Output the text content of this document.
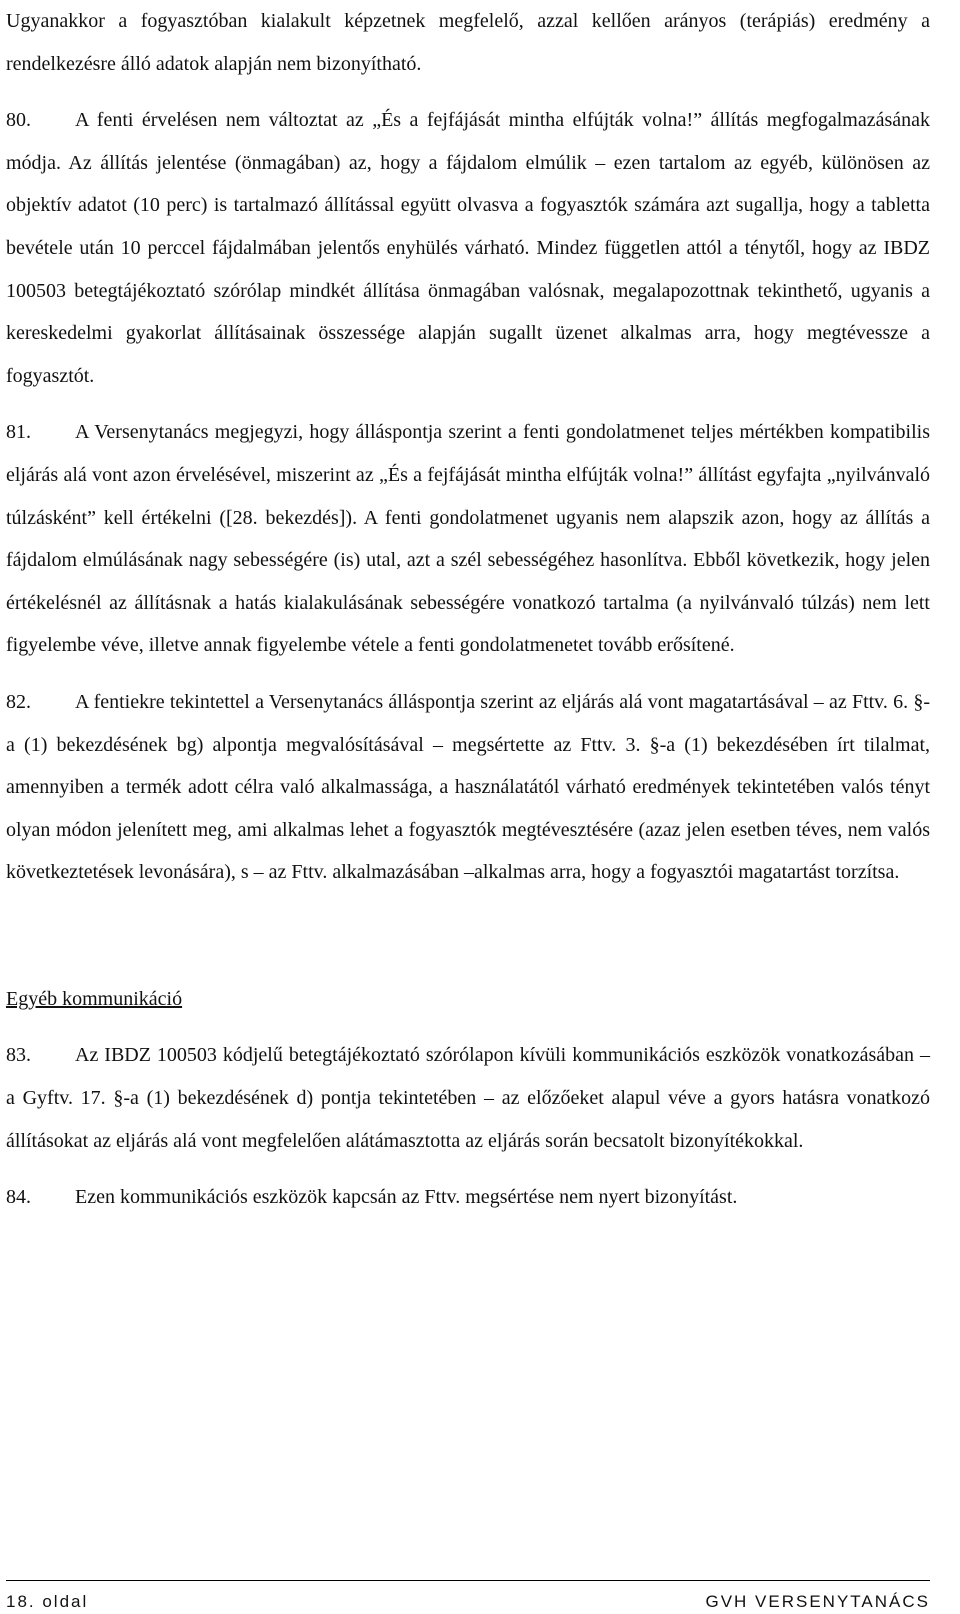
Ugyanakkor a fogyasztóban kialakult képzetnek megfelelő, azzal kellően arányos (terápiás) eredmény a rendelkezésre álló adatok alapján nem bizonyítható.

80. A fenti érvelésen nem változtat az „És a fejfájását mintha elfújták volna!” állítás megfogalmazásának módja. Az állítás jelentése (önmagában) az, hogy a fájdalom elmúlik – ezen tartalom az egyéb, különösen az objektív adatot (10 perc) is tartalmazó állítással együtt olvasva a fogyasztók számára azt sugallja, hogy a tabletta bevétele után 10 perccel fájdalmában jelentős enyhülés várható. Mindez független attól a ténytől, hogy az IBDZ 100503 betegtájékoztató szórólap mindkét állítása önmagában valósnak, megalapozottnak tekinthető, ugyanis a kereskedelmi gyakorlat állításainak összessége alapján sugallt üzenet alkalmas arra, hogy megtévessze a fogyasztót.

81. A Versenytanács megjegyzi, hogy álláspontja szerint a fenti gondolatmenet teljes mértékben kompatibilis eljárás alá vont azon érvelésével, miszerint az „És a fejfájását mintha elfújták volna!” állítást egyfajta „nyilvánvaló túlzásként” kell értékelni ([28. bekezdés]). A fenti gondolatmenet ugyanis nem alapszik azon, hogy az állítás a fájdalom elmúlásának nagy sebességére (is) utal, azt a szél sebességéhez hasonlítva. Ebből következik, hogy jelen értékelésnél az állításnak a hatás kialakulásának sebességére vonatkozó tartalma (a nyilvánvaló túlzás) nem lett figyelembe véve, illetve annak figyelembe vétele a fenti gondolatmenetet tovább erősítené.

82. A fentiekre tekintettel a Versenytanács álláspontja szerint az eljárás alá vont magatartásával – az Fttv. 6. §-a (1) bekezdésének bg) alpontja megvalósításával – megsértette az Fttv. 3. §-a (1) bekezdésében írt tilalmat, amennyiben a termék adott célra való alkalmassága, a használatától várható eredmények tekintetében valós tényt olyan módon jelenített meg, ami alkalmas lehet a fogyasztók megtévesztésére (azaz jelen esetben téves, nem valós következtetések levonására), s – az Fttv. alkalmazásában –alkalmas arra, hogy a fogyasztói magatartást torzítsa.

Egyéb kommunikáció

83. Az IBDZ 100503 kódjelű betegtájékoztató szórólapon kívüli kommunikációs eszközök vonatkozásában – a Gyftv. 17. §-a (1) bekezdésének d) pontja tekintetében – az előzőeket alapul véve a gyors hatásra vonatkozó állításokat az eljárás alá vont megfelelően alátámasztotta az eljárás során becsatolt bizonyítékokkal.

84. Ezen kommunikációs eszközök kapcsán az Fttv. megsértése nem nyert bizonyítást.

18. oldal	GVH VERSENYTANÁCS
